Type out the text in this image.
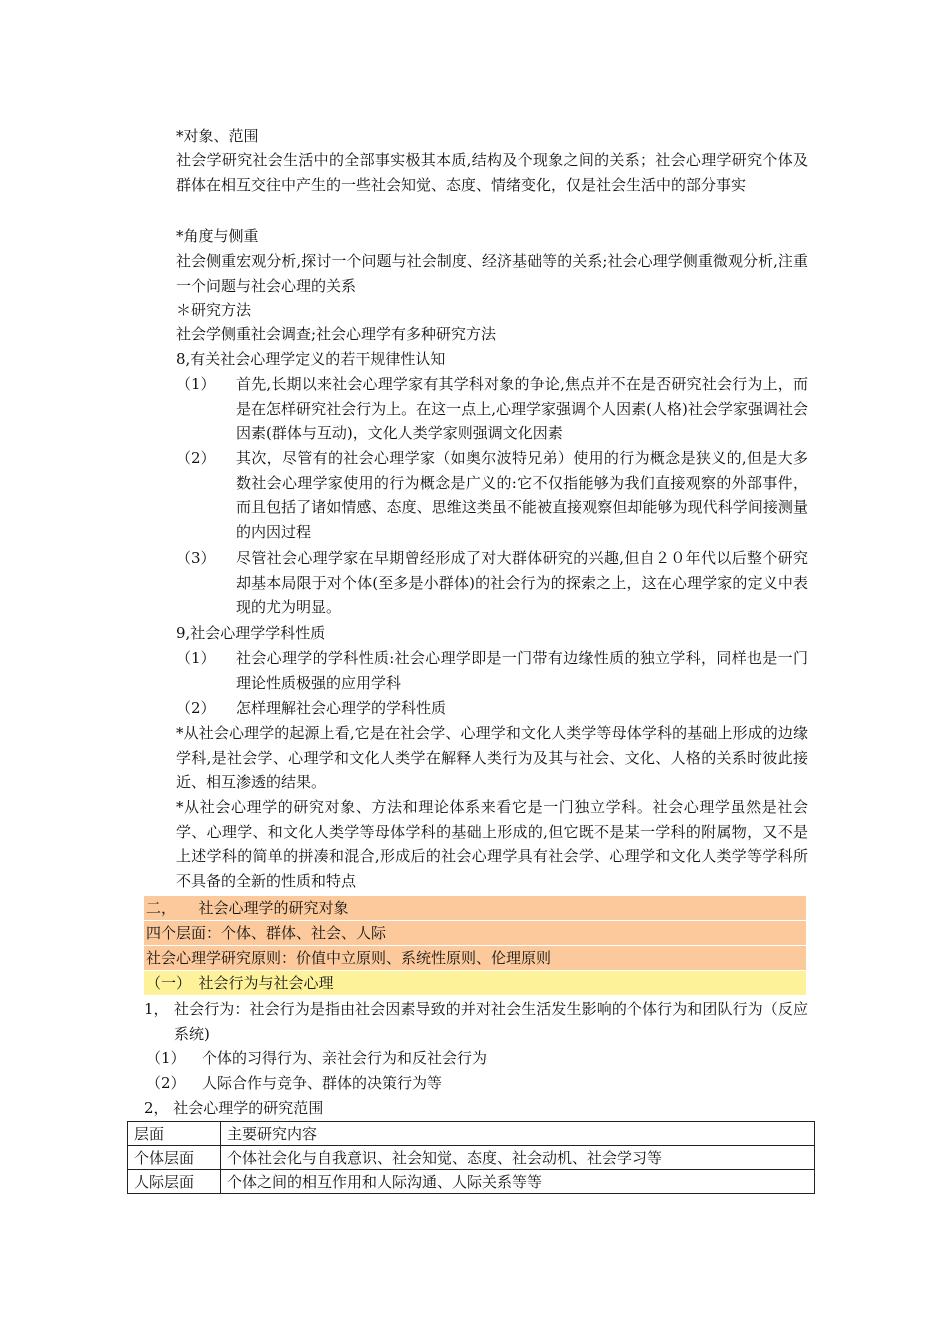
*对象、范围
社会学研究社会生活中的全部事实极其本质,结构及个现象之间的关系；社会心理学研究个体及群体在相互交往中产生的一些社会知觉、态度、情绪变化，仅是社会生活中的部分事实
*角度与侧重
社会侧重宏观分析,探讨一个问题与社会制度、经济基础等的关系;社会心理学侧重微观分析,注重一个问题与社会心理的关系
＊研究方法
社会学侧重社会调查;社会心理学有多种研究方法
8,有关社会心理学定义的若干规律性认知
（1） 首先,长期以来社会心理学家有其学科对象的争论,焦点并不在是否研究社会行为上，而是在怎样研究社会行为上。在这一点上,心理学家强调个人因素(人格)社会学家强调社会因素(群体与互动)，文化人类学家则强调文化因素
（2） 其次，尽管有的社会心理学家（如奥尔波特兄弟）使用的行为概念是狭义的,但是大多数社会心理学家使用的行为概念是广义的:它不仅指能够为我们直接观察的外部事件，而且包括了诸如情感、态度、思维这类虽不能被直接观察但却能够为现代科学间接测量的内因过程
（3） 尽管社会心理学家在早期曾经形成了对大群体研究的兴趣,但自２０年代以后整个研究却基本局限于对个体(至多是小群体)的社会行为的探索之上，这在心理学家的定义中表现的尤为明显。
9,社会心理学学科性质
（1） 社会心理学的学科性质:社会心理学即是一门带有边缘性质的独立学科，同样也是一门理论性质极强的应用学科
（2） 怎样理解社会心理学的学科性质
*从社会心理学的起源上看,它是在社会学、心理学和文化人类学等母体学科的基础上形成的边缘学科,是社会学、心理学和文化人类学在解释人类行为及其与社会、文化、人格的关系时彼此接近、相互渗透的结果。
*从社会心理学的研究对象、方法和理论体系来看它是一门独立学科。社会心理学虽然是社会学、心理学、和文化人类学等母体学科的基础上形成的,但它既不是某一学科的附属物，又不是上述学科的简单的拼凑和混合,形成后的社会心理学具有社会学、心理学和文化人类学等学科所不具备的全新的性质和特点
二，　　社会心理学的研究对象
四个层面：个体、群体、社会、人际
社会心理学研究原则：价值中立原则、系统性原则、伦理原则
（一）　社会行为与社会心理
1， 社会行为：社会行为是指由社会因素导致的并对社会生活发生影响的个体行为和团队行为（反应系统)
（1） 个体的习得行为、亲社会行为和反社会行为
（2） 人际合作与竞争、群体的决策行为等
2， 社会心理学的研究范围
层面	主要研究内容
个体层面	个体社会化与自我意识、社会知觉、态度、社会动机、社会学习等
人际层面	个体之间的相互作用和人际沟通、人际关系等等
